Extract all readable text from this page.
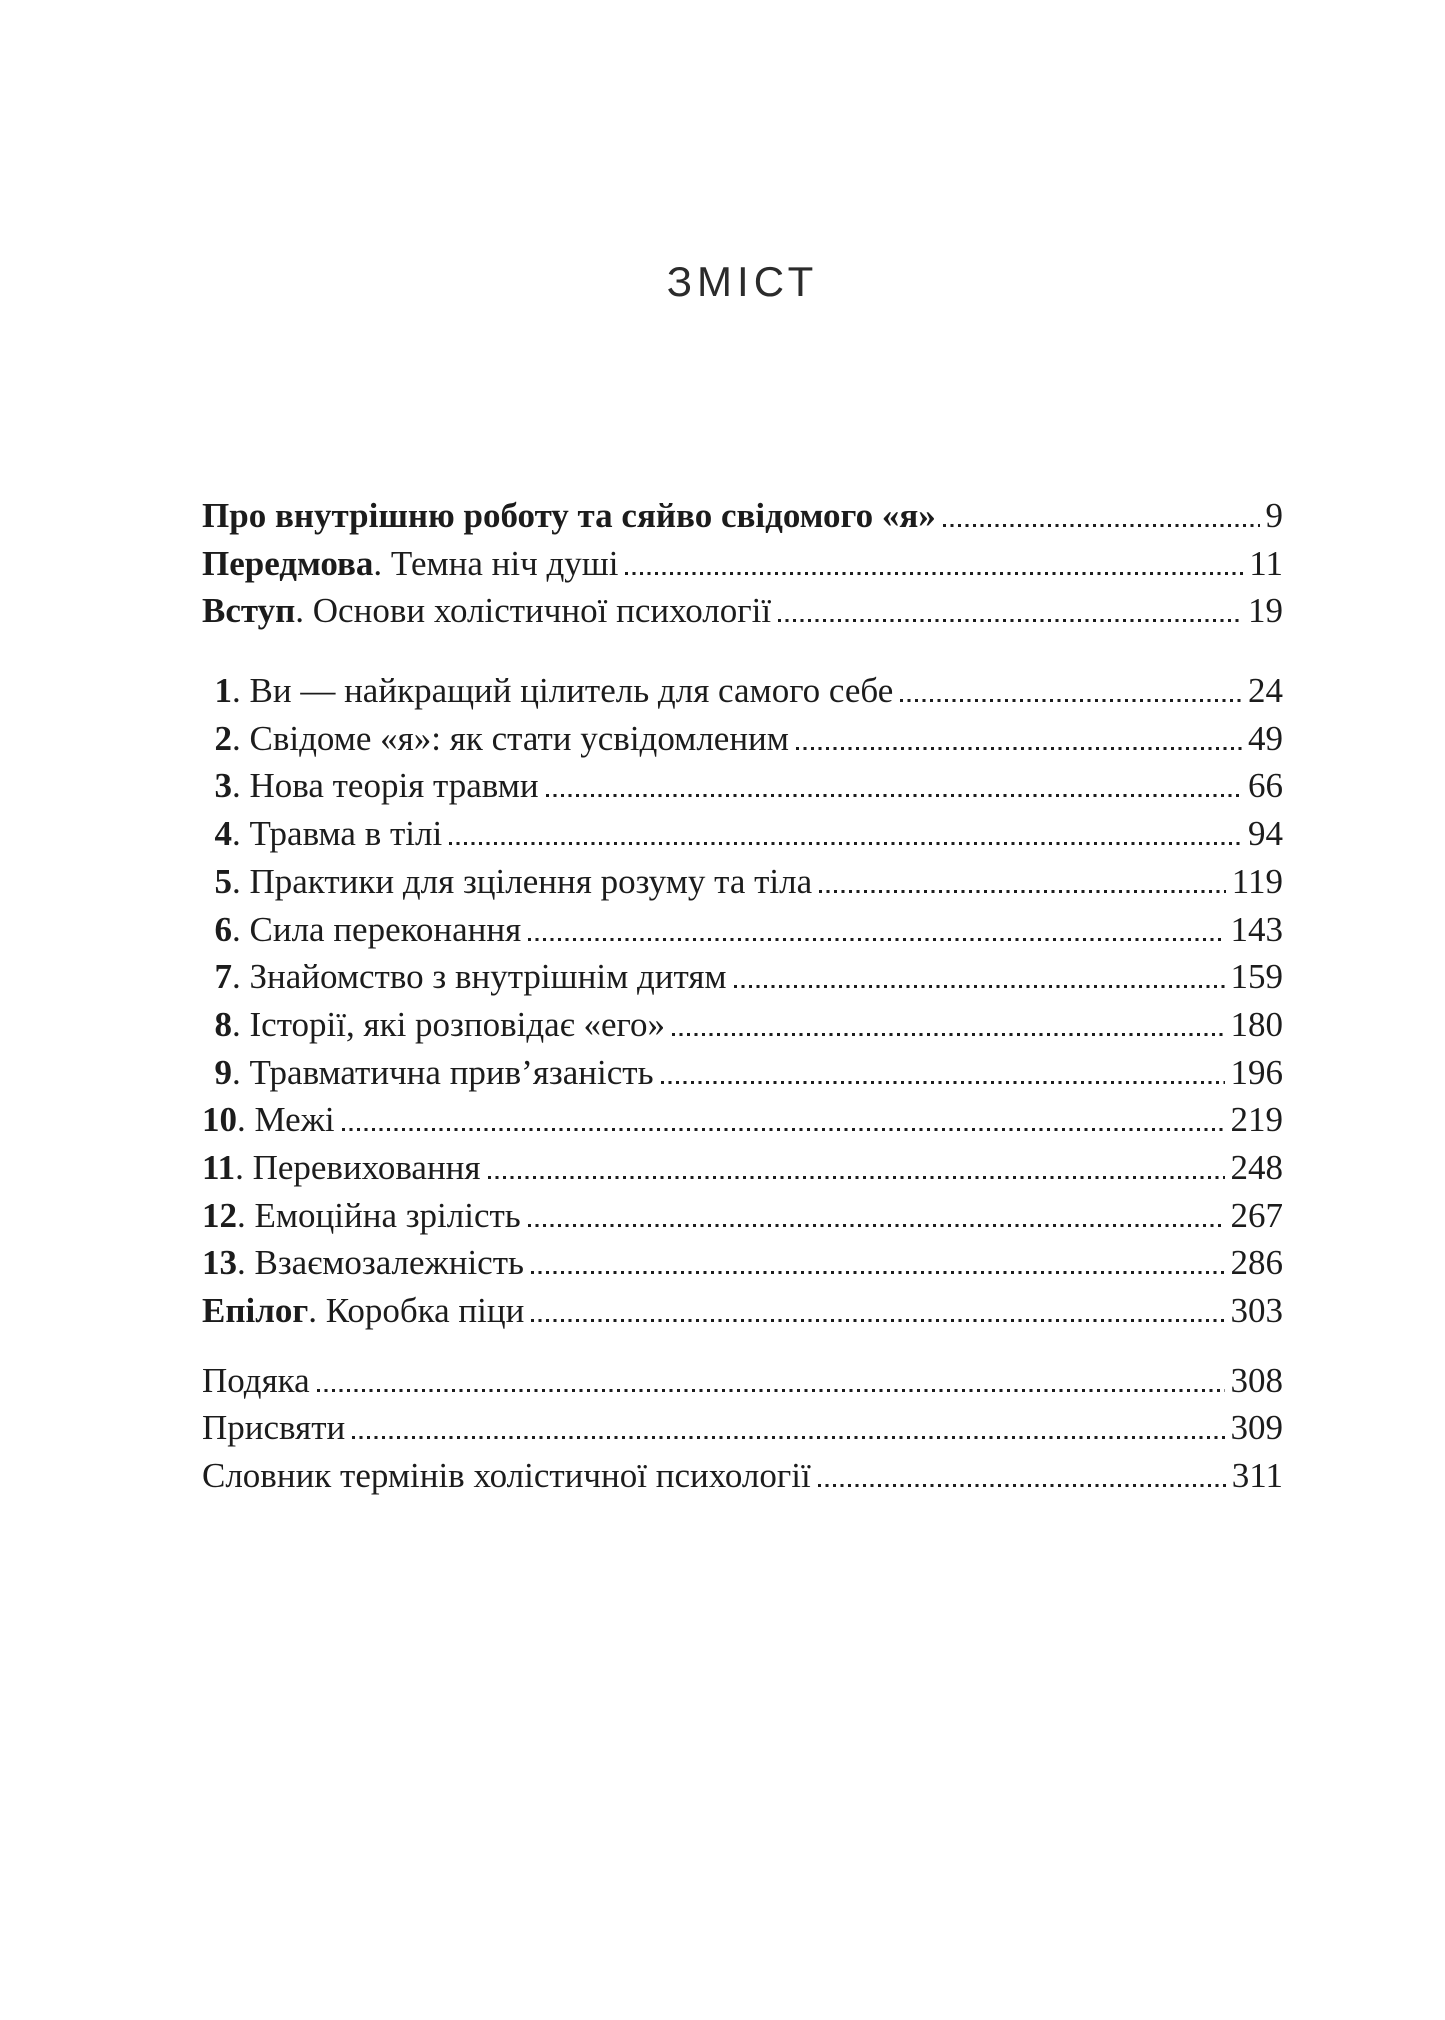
ЗМІСТ
Про внутрішню роботу та сяйво свідомого «я»	9
Передмова. Темна ніч душі	11
Вступ. Основи холістичної психології	19
1. Ви — найкращий цілитель для самого себе	24
2. Свідоме «я»: як стати усвідомленим	49
3. Нова теорія травми	66
4. Травма в тілі	94
5. Практики для зцілення розуму та тіла	119
6. Сила переконання	143
7. Знайомство з внутрішнім дитям	159
8. Історії, які розповідає «его»	180
9. Травматична прив’язаність	196
10. Межі	219
11. Перевиховання	248
12. Емоційна зрілість	267
13. Взаємозалежність	286
Епілог. Коробка піци	303
Подяка	308
Присвяти	309
Словник термінів холістичної психології	311
